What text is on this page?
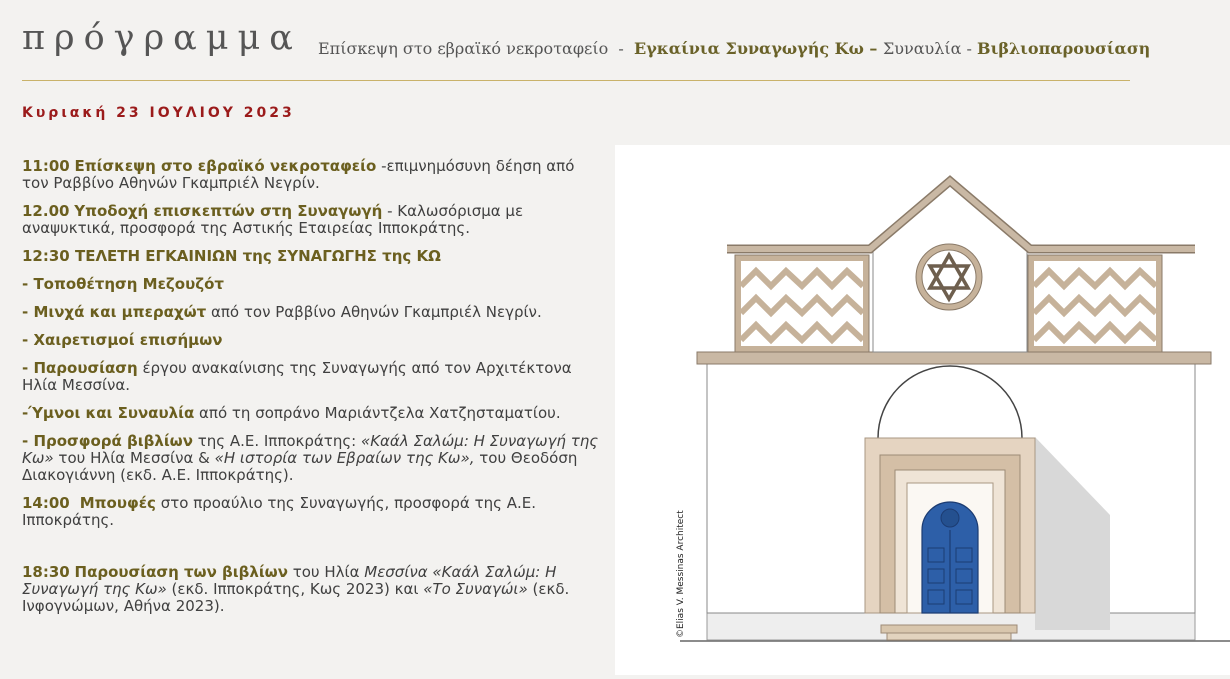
πρόγραμμα Επίσκεψη στο εβραϊκό νεκροταφείο  -  Εγκαίνια Συναγωγής Κω – Συναυλία - Βιβλιοπαρουσίαση
Κυριακή 23 ΙΟΥΛΙΟΥ 2023
11:00 Επίσκεψη στο εβραϊκό νεκροταφείο -επιμνημόσυνη δέηση από τον Ραββίνο Αθηνών Γκαμπριέλ Νεγρίν.
12.00 Υποδοχή επισκεπτών στη Συναγωγή - Καλωσόρισμα με αναψυκτικά, προσφορά της Αστικής Εταιρείας Ιπποκράτης.
12:30 ΤΕΛΕΤΗ ΕΓΚΑΙΝΙΩΝ της ΣΥΝΑΓΩΓΗΣ της ΚΩ
- Τοποθέτηση Μεζουζότ
- Μινχά και μπεραχώτ από τον Ραββίνο Αθηνών Γκαμπριέλ Νεγρίν.
- Χαιρετισμοί επισήμων
- Παρουσίαση έργου ανακαίνισης της Συναγωγής από τον Αρχιτέκτονα Ηλία Μεσσίνα.
-Ύμνοι και Συναυλία από τη σοπράνο Μαριάντζελα Χατζησταματίου.
- Προσφορά βιβλίων της Α.Ε. Ιπποκράτης: «Καάλ Σαλώμ: Η Συναγωγή της Κω» του Ηλία Μεσσίνα & «Η ιστορία των Εβραίων της Κω», του Θεοδόση Διακογιάννη (εκδ. Α.Ε. Ιπποκράτης).
14:00  Μπουφές στο προαύλιο της Συναγωγής, προσφορά της Α.Ε. Ιπποκράτης.
18:30 Παρουσίαση των βιβλίων του Ηλία Μεσσίνα «Καάλ Σαλώμ: Η Συναγωγή της Κω» (εκδ. Ιπποκράτης, Κως 2023) και «Το Συναγώι» (εκδ. Ινφογνώμων, Αθήνα 2023).	©Elias V. Messinas Architect
